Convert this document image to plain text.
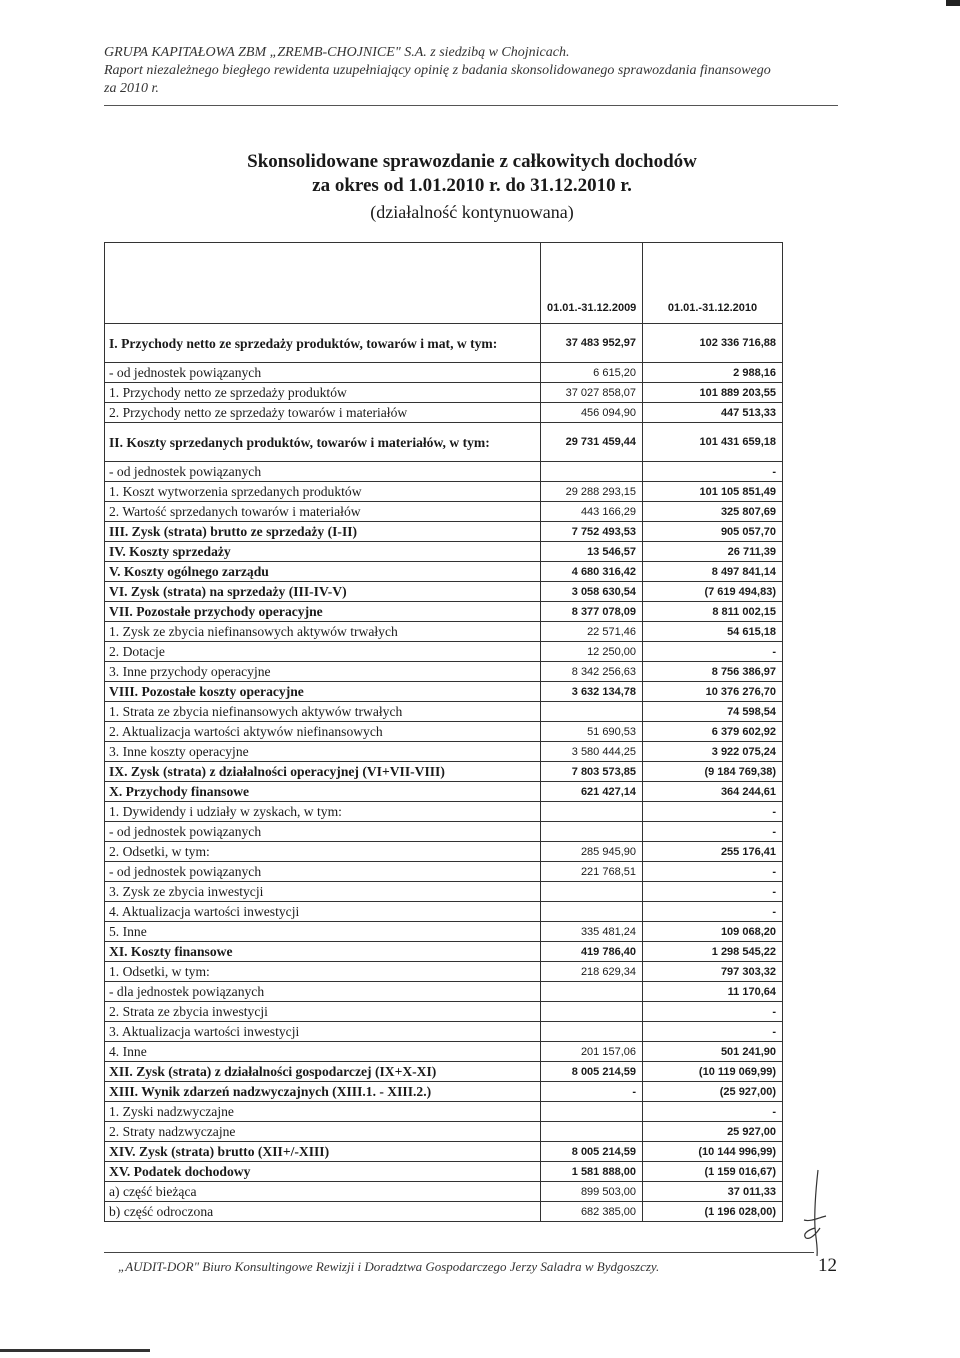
GRUPA KAPITAŁOWA ZBM „ZREMB-CHOJNICE" S.A. z siedzibą w Chojnicach.
Raport niezależnego biegłego rewidenta uzupełniający opinię z badania skonsolidowanego sprawozdania finansowego
za 2010 r.
Skonsolidowane sprawozdanie z całkowitych dochodów
za okres od 1.01.2010 r. do 31.12.2010 r.
(działalność kontynuowana)
	01.01.-31.12.2009	01.01.-31.12.2010
I. Przychody netto ze sprzedaży produktów, towarów i mat, w tym:	37 483 952,97	102 336 716,88
- od jednostek powiązanych	6 615,20	2 988,16
1. Przychody netto ze sprzedaży produktów	37 027 858,07	101 889 203,55
2. Przychody netto ze sprzedaży towarów i materiałów	456 094,90	447 513,33
II. Koszty sprzedanych produktów, towarów i materiałów, w tym:	29 731 459,44	101 431 659,18
- od jednostek powiązanych		-
1. Koszt wytworzenia sprzedanych produktów	29 288 293,15	101 105 851,49
2. Wartość sprzedanych towarów i materiałów	443 166,29	325 807,69
III. Zysk (strata) brutto ze sprzedaży (I-II)	7 752 493,53	905 057,70
IV. Koszty sprzedaży	13 546,57	26 711,39
V. Koszty ogólnego zarządu	4 680 316,42	8 497 841,14
VI. Zysk (strata) na sprzedaży (III-IV-V)	3 058 630,54	(7 619 494,83)
VII. Pozostałe przychody operacyjne	8 377 078,09	8 811 002,15
1. Zysk ze zbycia niefinansowych aktywów trwałych	22 571,46	54 615,18
2. Dotacje	12 250,00	-
3. Inne przychody operacyjne	8 342 256,63	8 756 386,97
VIII. Pozostałe koszty operacyjne	3 632 134,78	10 376 276,70
1. Strata ze zbycia niefinansowych aktywów trwałych		74 598,54
2. Aktualizacja wartości aktywów niefinansowych	51 690,53	6 379 602,92
3. Inne koszty operacyjne	3 580 444,25	3 922 075,24
IX. Zysk (strata) z działalności operacyjnej (VI+VII-VIII)	7 803 573,85	(9 184 769,38)
X. Przychody finansowe	621 427,14	364 244,61
1. Dywidendy i udziały w zyskach, w tym:		-
- od jednostek powiązanych		-
2. Odsetki, w tym:	285 945,90	255 176,41
- od jednostek powiązanych	221 768,51	-
3. Zysk ze zbycia inwestycji		-
4. Aktualizacja wartości inwestycji		-
5. Inne	335 481,24	109 068,20
XI. Koszty finansowe	419 786,40	1 298 545,22
1. Odsetki, w tym:	218 629,34	797 303,32
- dla jednostek powiązanych		11 170,64
2. Strata ze zbycia inwestycji		-
3. Aktualizacja wartości inwestycji		-
4. Inne	201 157,06	501 241,90
XII. Zysk (strata) z działalności gospodarczej (IX+X-XI)	8 005 214,59	(10 119 069,99)
XIII. Wynik zdarzeń nadzwyczajnych (XIII.1. - XIII.2.)	-	(25 927,00)
1. Zyski nadzwyczajne		-
2. Straty nadzwyczajne		25 927,00
XIV. Zysk (strata) brutto (XII+/-XIII)	8 005 214,59	(10 144 996,99)
XV. Podatek dochodowy	1 581 888,00	(1 159 016,67)
a) część bieżąca	899 503,00	37 011,33
b) część odroczona	682 385,00	(1 196 028,00)
„AUDIT-DOR" Biuro Konsultingowe Rewizji i Doradztwa Gospodarczego Jerzy Saladra w Bydgoszczy.	12
